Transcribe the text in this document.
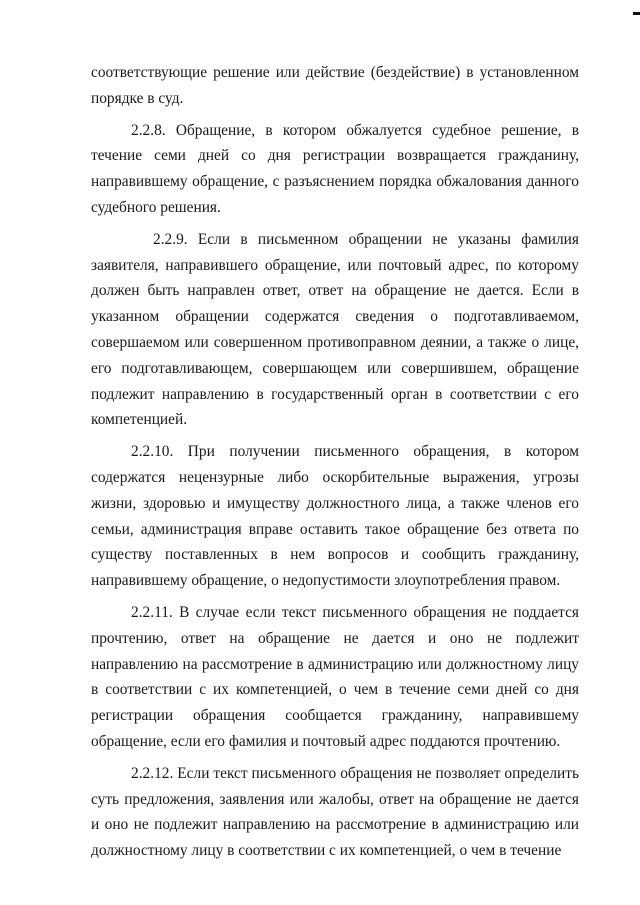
соответствующие решение или действие (бездействие) в установленном порядке в суд.

2.2.8. Обращение, в котором обжалуется судебное решение, в течение семи дней со дня регистрации возвращается гражданину, направившему обращение, с разъяснением порядка обжалования данного судебного решения.

2.2.9. Если в письменном обращении не указаны фамилия заявителя, направившего обращение, или почтовый адрес, по которому должен быть направлен ответ, ответ на обращение не дается. Если в указанном обращении содержатся сведения о подготавливаемом, совершаемом или совершенном противоправном деянии, а также о лице, его подготавливающем, совершающем или совершившем, обращение подлежит направлению в государственный орган в соответствии с его компетенцией.

2.2.10. При получении письменного обращения, в котором содержатся нецензурные либо оскорбительные выражения, угрозы жизни, здоровью и имуществу должностного лица, а также членов его семьи, администрация вправе оставить такое обращение без ответа по существу поставленных в нем вопросов и сообщить гражданину, направившему обращение, о недопустимости злоупотребления правом.

2.2.11. В случае если текст письменного обращения не поддается прочтению, ответ на обращение не дается и оно не подлежит направлению на рассмотрение в администрацию или должностному лицу в соответствии с их компетенцией, о чем в течение семи дней со дня регистрации обращения сообщается гражданину, направившему обращение, если его фамилия и почтовый адрес поддаются прочтению.

2.2.12. Если текст письменного обращения не позволяет определить суть предложения, заявления или жалобы, ответ на обращение не дается и оно не подлежит направлению на рассмотрение в администрацию или должностному лицу в соответствии с их компетенцией, о чем в течение
